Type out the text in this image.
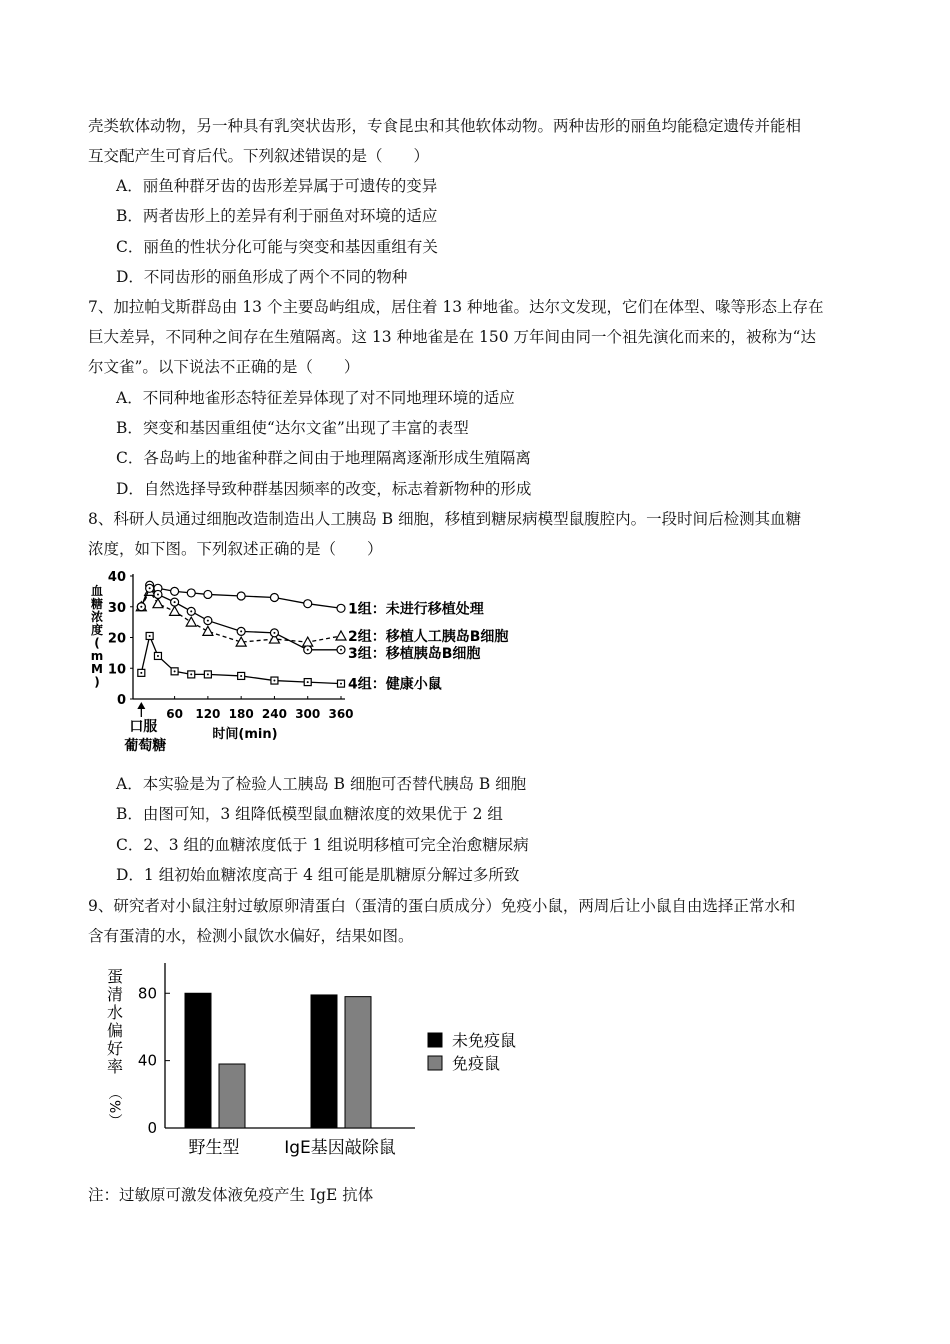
壳类软体动物，另一种具有乳突状齿形，专食昆虫和其他软体动物。两种齿形的丽鱼均能稳定遗传并能相
互交配产生可育后代。下列叙述错误的是（　　）
A．丽鱼种群牙齿的齿形差异属于可遗传的变异
B．两者齿形上的差异有利于丽鱼对环境的适应
C．丽鱼的性状分化可能与突变和基因重组有关
D．不同齿形的丽鱼形成了两个不同的物种
7、加拉帕戈斯群岛由 13 个主要岛屿组成，居住着 13 种地雀。达尔文发现，它们在体型、喙等形态上存在
巨大差异，不同种之间存在生殖隔离。这 13 种地雀是在 150 万年间由同一个祖先演化而来的，被称为“达
尔文雀”。以下说法不正确的是（　　）
A．不同种地雀形态特征差异体现了对不同地理环境的适应
B．突变和基因重组使“达尔文雀”出现了丰富的表型
C．各岛屿上的地雀种群之间由于地理隔离逐渐形成生殖隔离
D．自然选择导致种群基因频率的改变，标志着新物种的形成
8、科研人员通过细胞改造制造出人工胰岛 B 细胞，移植到糖尿病模型鼠腹腔内。一段时间后检测其血糖
浓度，如下图。下列叙述正确的是（　　）
0
10
20
30
40
60 120 180 240 300 360
血糖浓度( m M )
时间(min)
口服
葡萄糖
1组：未进行移植处理
2组：移植人工胰岛B细胞
3组：移植胰岛B细胞
4组：健康小鼠
A．本实验是为了检验人工胰岛 B 细胞可否替代胰岛 B 细胞
B．由图可知，3 组降低模型鼠血糖浓度的效果优于 2 组
C．2、3 组的血糖浓度低于 1 组说明移植可完全治愈糖尿病
D．1 组初始血糖浓度高于 4 组可能是肌糖原分解过多所致
9、研究者对小鼠注射过敏原卵清蛋白（蛋清的蛋白质成分）免疫小鼠，两周后让小鼠自由选择正常水和
含有蛋清的水，检测小鼠饮水偏好，结果如图。
0
40
80
蛋清水偏好率
（%）
野生型	IgE基因敲除鼠
未免疫鼠
免疫鼠
注：过敏原可激发体液免疫产生 IgE 抗体
